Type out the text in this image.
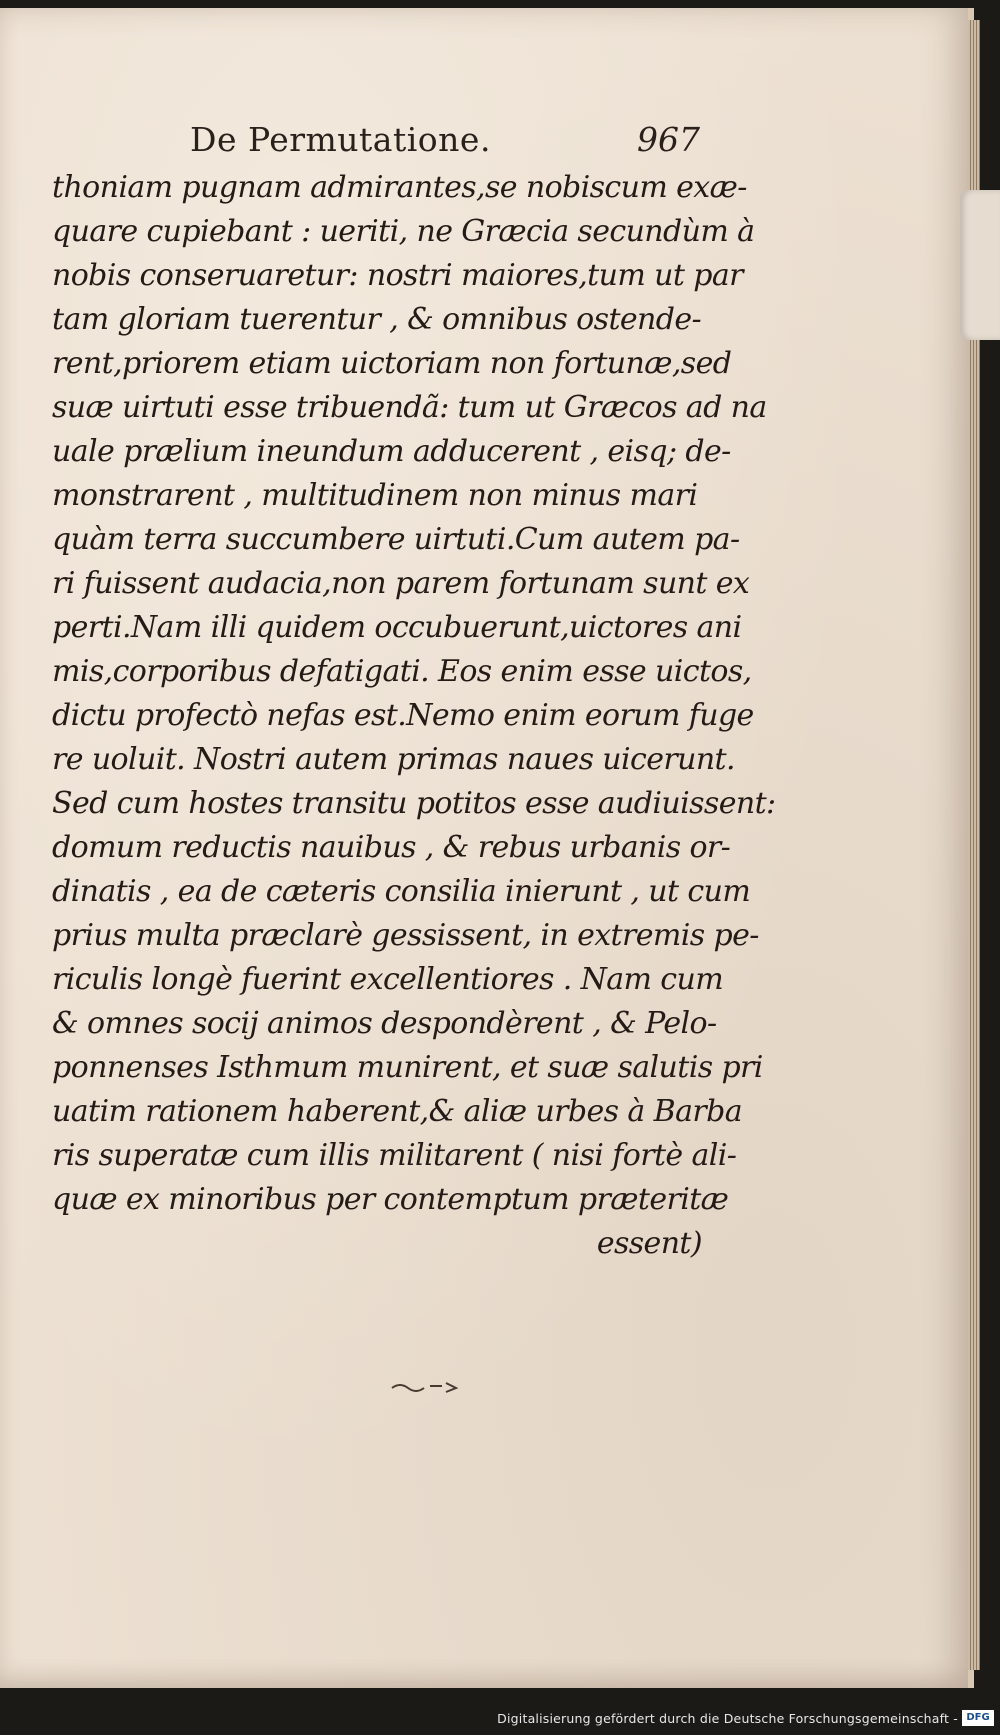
De Permutatione.	967
thoniam pugnam admirantes,se nobiscum exæ-
quare cupiebant : ueriti, ne Græcia secundùm à
nobis conseruaretur: nostri maiores,tum ut par
tam gloriam tuerentur , & omnibus ostende-
rent,priorem etiam uictoriam non fortunæ,sed
suæ uirtuti esse tribuendã: tum ut Græcos ad na
uale prælium ineundum adducerent , eisq; de-
monstrarent , multitudinem non minus mari
quàm terra succumbere uirtuti.Cum autem pa-
ri fuissent audacia,non parem fortunam sunt ex
perti.Nam illi quidem occubuerunt,uictores ani
mis,corporibus defatigati. Eos enim esse uictos,
dictu profectò nefas est.Nemo enim eorum fuge
re uoluit. Nostri autem primas naues uicerunt.
Sed cum hostes transitu potitos esse audiuissent:
domum reductis nauibus , & rebus urbanis or-
dinatis , ea de cæteris consilia inierunt , ut cum
prius multa præclarè gessissent, in extremis pe-
riculis longè fuerint excellentiores . Nam cum
& omnes socij animos despondèrent , & Pelo-
ponnenses Isthmum munirent, et suæ salutis pri
uatim rationem haberent,& aliæ urbes à Barba
ris superatæ cum illis militarent ( nisi fortè ali-
quæ ex minoribus per contemptum præteritæ
essent)
Digitalisierung gefördert durch die Deutsche Forschungsgemeinschaft - DFG
